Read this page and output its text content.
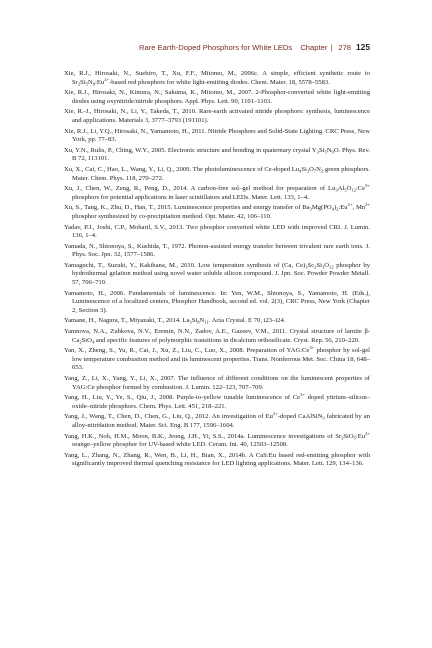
Rare Earth-Doped Phosphors for White LEDs
Chapter | 278 125
Xie, R.J., Hirosaki, N., Suehiro, T., Xu, F.F., Mitomo, M., 2006c. A simple, efficient synthetic route to $Sr_2Si_5N_8:Eu^{2+}$-based red phosphors for white light-emitting diodes. Chem. Mater. 18, 5578–5583.
Xie, R.J., Hirosaki, N., Kimura, N., Sakuma, K., Mitomo, M., 2007. 2-Phosphor-converted white light-emitting diodes using oxynitride/nitride phosphors. Appl. Phys. Lett. 90, 1101–1103.
Xie, R.-J., Hirosaki, N., Li, Y., Takeda, T., 2010. Rare-earth activated nitride phosphors: synthesis, luminescence and applications. Materials 3, 3777–3793 (191101).
Xie, R.J., Li, Y.Q., Hirosaki, N., Yamamoto, H., 2011. Nitride Phosphors and Solid-State Lighting. CRC Press, New York, pp. 77–83.
Xu, Y.N., Rulis, P., Ching, W.Y., 2005. Electronic structure and bonding in quaternary crystal $Y_3Si_5N_9O$. Phys. Rev. B 72, 113101.
Xu, X., Cai, C., Hao, L., Wang, Y., Li, Q., 2009. The photoluminescence of Ce-doped $Lu_4Si_2O_7N_2$ green phosphors. Mater. Chem. Phys. 118, 270–272.
Xu, J., Chen, W., Zeng, R., Peng, D., 2014. A carbon-free sol–gel method for preparation of $Lu_3Al_5O_{12}:Ce^{3+}$ phosphors for potential applications in laser scintillators and LEDs. Mater. Lett. 133, 1–4.
Xu, S., Tang, K., Zhu, D., Han, T., 2015. Luminescence properties and energy transfer of $Ba_3Mg(PO_4)_2:Eu^{2+}$, $Mn^{2+}$ phosphor synthesized by co-precipitation method. Opt. Mater. 42, 106–110.
Yadav, P.J., Joshi, C.P., Moharil, S.V., 2013. Two phosphor converted white LED with improved CRI. J. Lumin. 136, 1–4.
Yamada, N., Shionoya, S., Kushida, T., 1972. Phonon-assisted energy transfer between trivalent rare earth ions. J. Phys. Soc. Jpn. 32, 1577–1586.
Yamaguchi, T., Suzuki, Y., Kakihana, M., 2010. Low temperature synthesis of (Ca, $Ce)_3Sc_2Si_3O_{12}$ phosphor by hydrothermal gelation method using novel water soluble silicon compound. J. Jpn. Soc. Powder Powder Metall. 57, 706–710.
Yamamoto, H., 2006. Fundamentals of luminescence. In: Yen, W.M., Shionoya, S., Yamamoto, H. (Eds.), Luminescence of a localized centers, Phosphor Handbook, second ed. vol. 2(3), CRC Press, New York (Chapter 2, Section 3).
Yamane, H., Nagura, T., Miyazaki, T., 2014. $La_3Si_8N_{11}$. Acta Crystal. E 70, i23–i24.
Yamnova, N.A., Zubkova, N.V., Eremin, N.N., Zadov, A.E., Gazeev, V.M., 2011. Crystal structure of larnite $\beta-Ca_2SiO_4$ and specific features of polymorphic transitions in dicalcium orthosilicate. Cryst. Rep. 56, 210–220.
Yan, X., Zheng, S., Yu, R., Cai, J., Xu, Z., Liu, C., Luo, X., 2008. Preparation of $YAG:Ce^{3+}$ phosphor by sol-gel low temperature combustion method and its luminescent properties. Trans. Nonferrous Met. Soc. China 18, 648–653.
Yang, Z., Li, X., Yang, Y., Li, X., 2007. The influence of different conditions on the luminescent properties of YAG:Ce phosphor formed by combustion. J. Lumin. 122–123, 707–709.
Yang, H., Liu, Y., Ye, S., Qiu, J., 2008. Purple-to-yellow tunable luminescence of $Ce^{3+}$ doped yttrium–silicon–oxide–nitride phosphors. Chem. Phys. Lett. 451, 218–221.
Yang, J., Wang, T., Chen, D., Chen, G., Liu, Q., 2012. An investigation of $Eu^{2+}$-doped CaAlSiN$_3$ fabricated by an alloy-nitridation method. Mater. Sci. Eng. B 177, 1596–1604.
Yang, H.K., Noh, H.M., Moon, B.K., Jeong, J.H., Yi, S.S., 2014a. Luminescence investigations of $Sr_3SiO_5:Eu^{2+}$ orange–yellow phosphor for UV-based white LED. Ceram. Int. 40, 12503–12508.
Yang, L., Zhang, N., Zhang, R., Wen, B., Li, H., Bian, X., 2014b. A CaS:Eu based red-emitting phosphor with significantly improved thermal quenching resistance for LED lighting applications. Mater. Lett. 129, 134–136.
